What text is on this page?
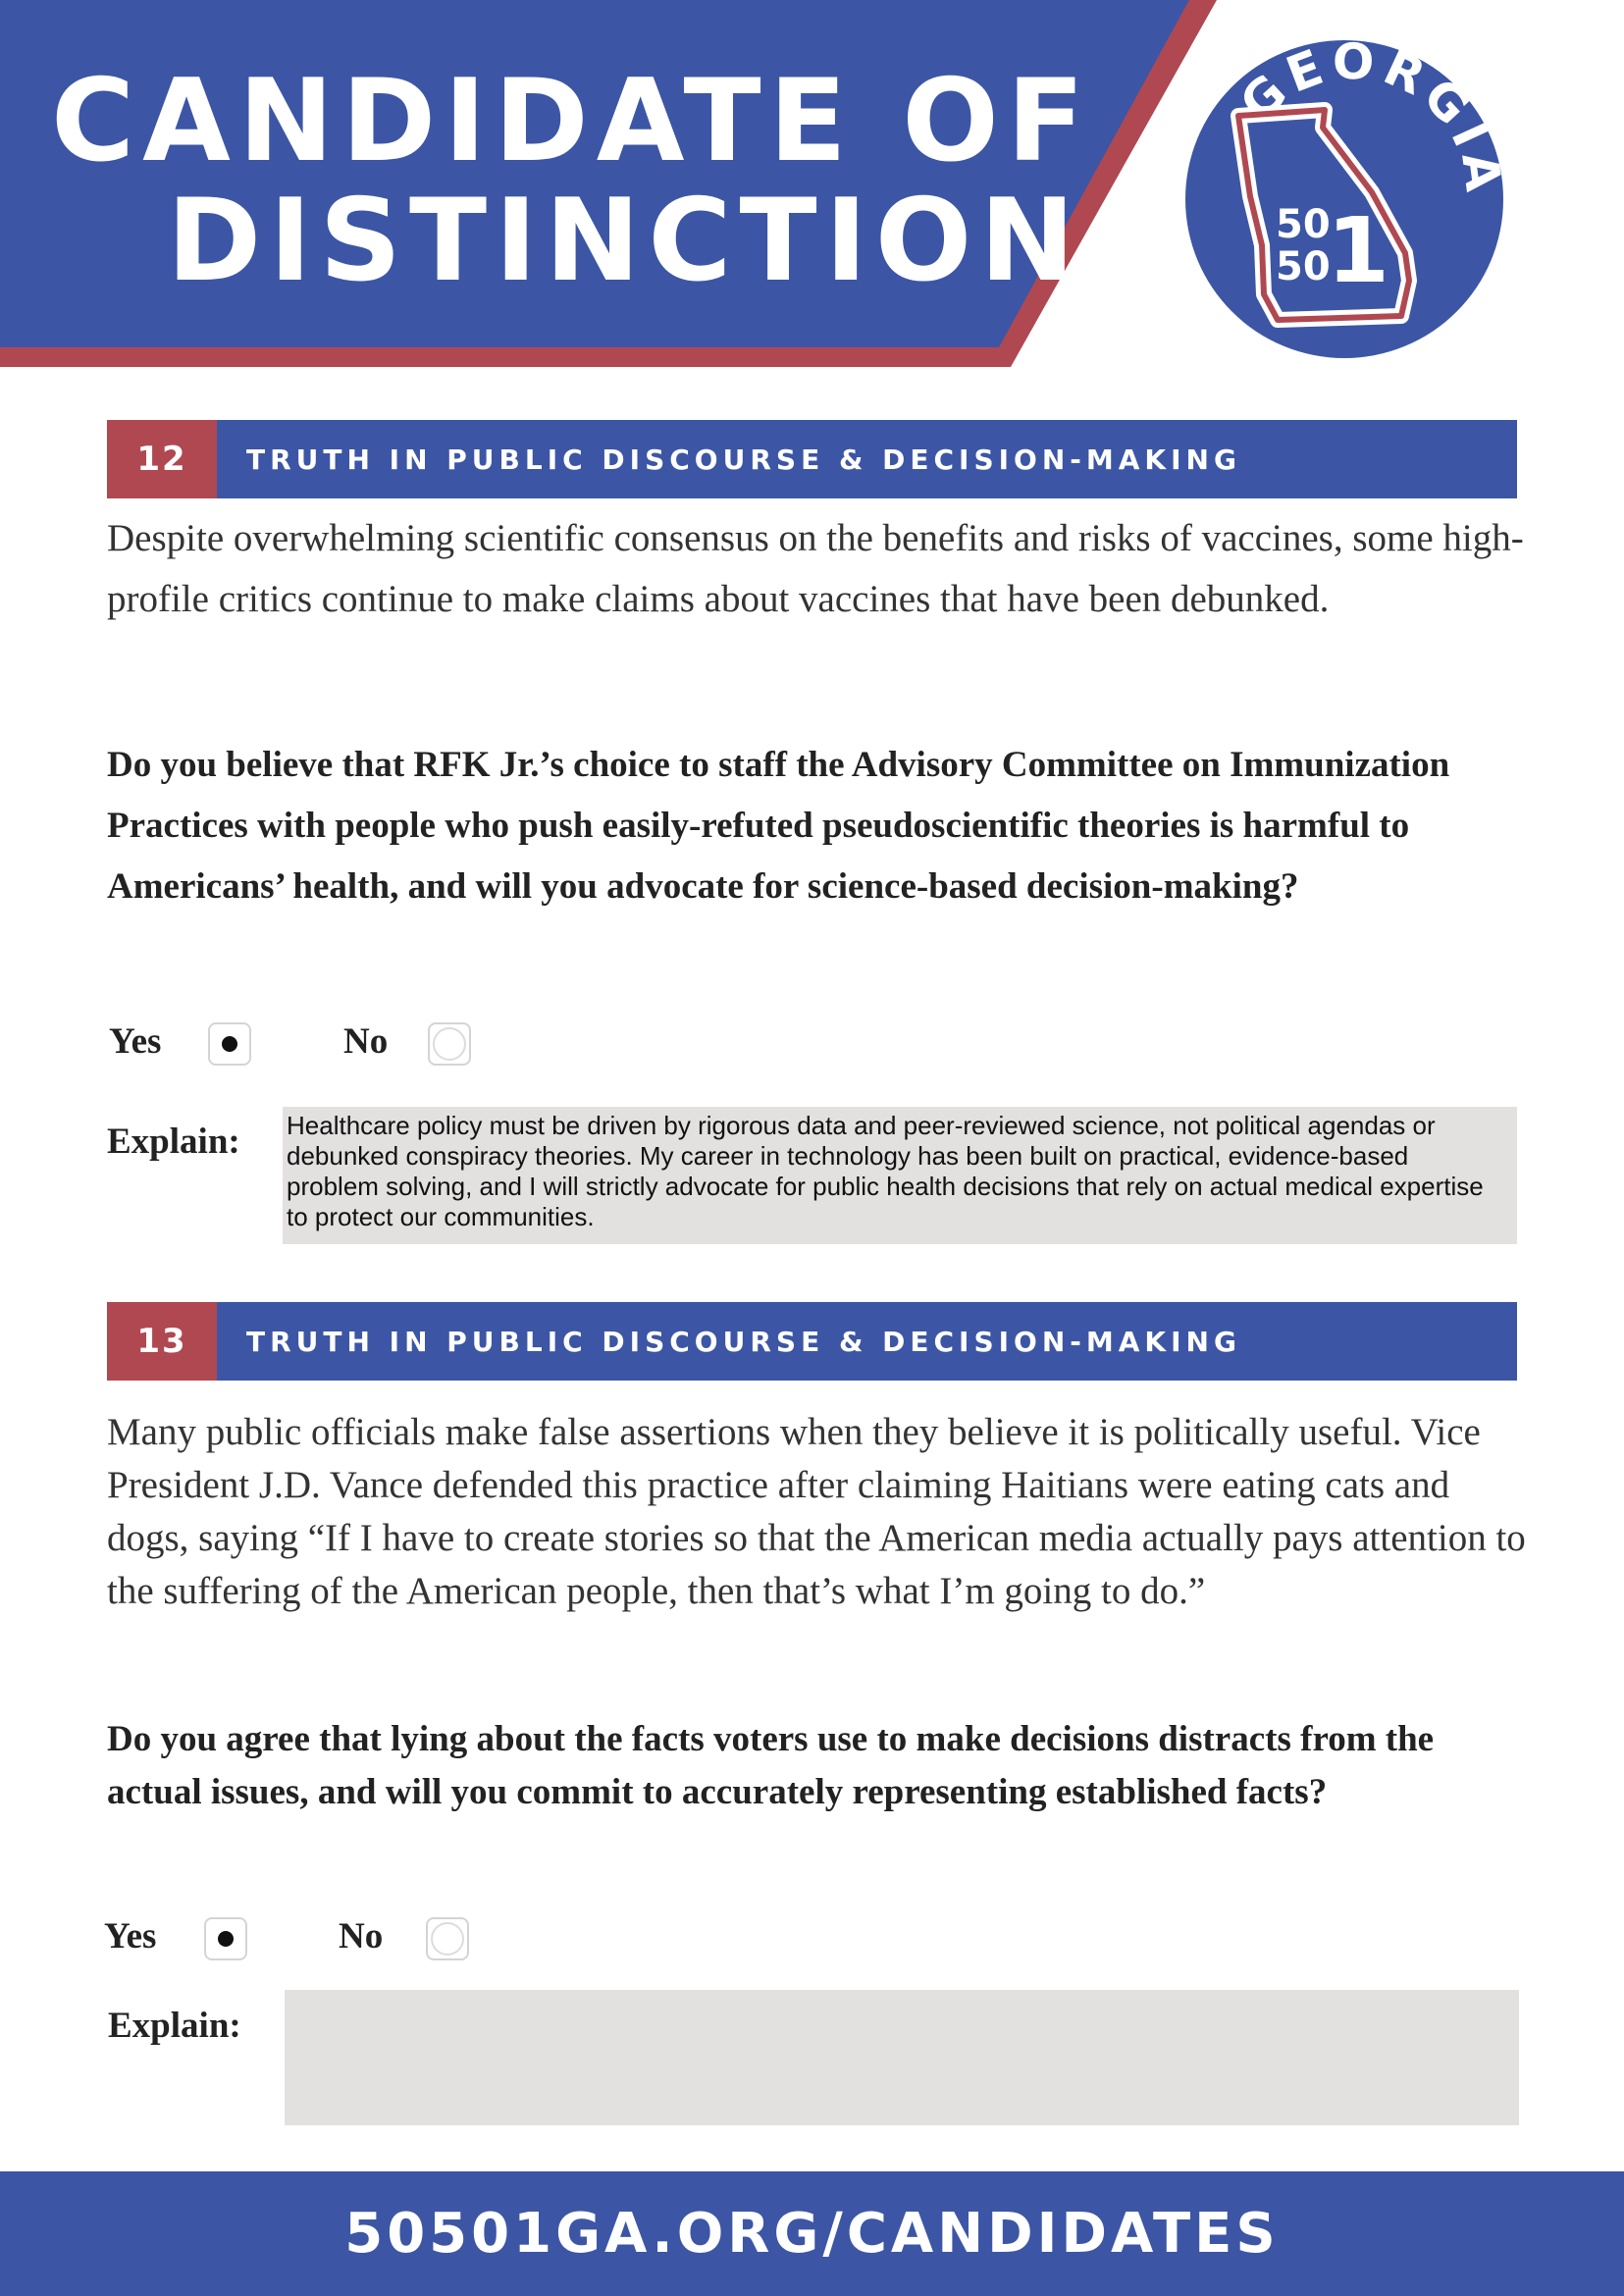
GEORGIA
50
50
1
CANDIDATE OF
DISTINCTION
12	TRUTH IN PUBLIC DISCOURSE & DECISION-MAKING
Despite overwhelming scientific consensus on the benefits and risks of vaccines, some high-profile critics continue to make claims about vaccines that have been debunked.
Do you believe that RFK Jr.’s choice to staff the Advisory Committee on Immunization Practices with people who push easily-refuted pseudoscientific theories is harmful to Americans’ health, and will you advocate for science-based decision-making?
Yes	No
Explain: Healthcare policy must be driven by rigorous data and peer-reviewed science, not political agendas or debunked conspiracy theories. My career in technology has been built on practical, evidence-based problem solving, and I will strictly advocate for public health decisions that rely on actual medical expertise to protect our communities.
13	TRUTH IN PUBLIC DISCOURSE & DECISION-MAKING
Many public officials make false assertions when they believe it is politically useful. Vice President J.D. Vance defended this practice after claiming Haitians were eating cats and dogs, saying “If I have to create stories so that the American media actually pays attention to the suffering of the American people, then that’s what I’m going to do.”
Do you agree that lying about the facts voters use to make decisions distracts from the actual issues, and will you commit to accurately representing established facts?
Yes	No
Explain:
50501GA.ORG/CANDIDATES
